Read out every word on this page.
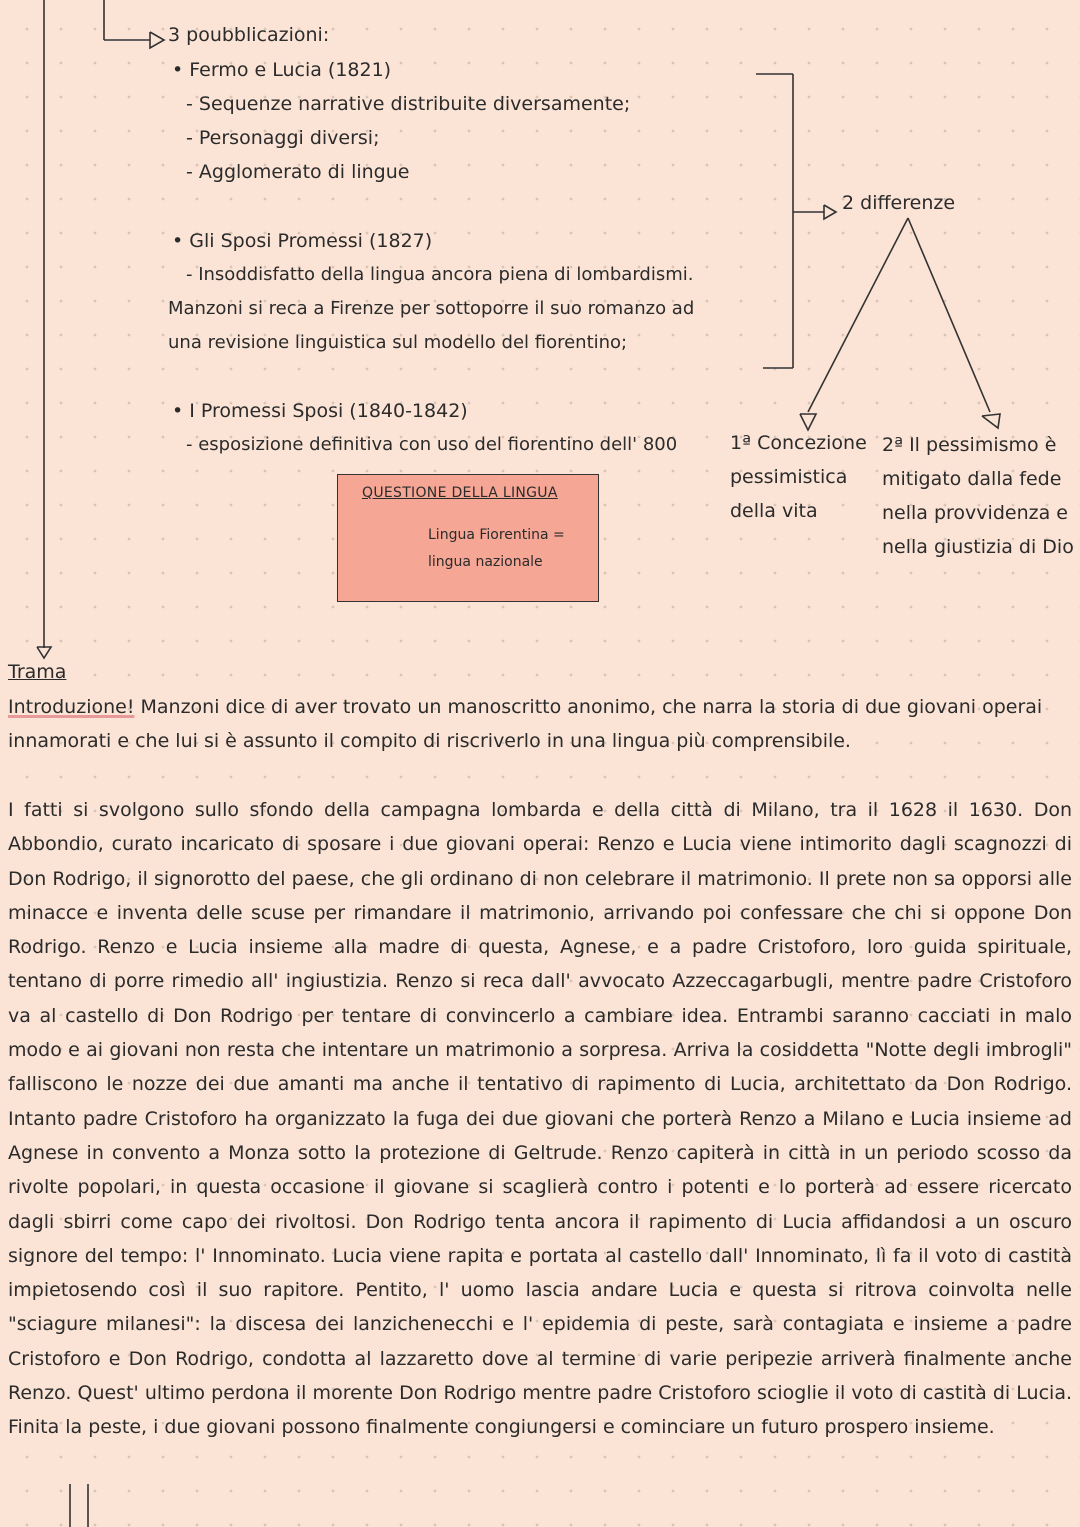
3 poubblicazioni:
• Fermo e Lucia (1821)
- Sequenze narrative distribuite diversamente;
- Personaggi diversi;
- Agglomerato di lingue
• Gli Sposi Promessi (1827)
- Insoddisfatto della lingua ancora piena di lombardismi.
Manzoni si reca a Firenze per sottoporre il suo romanzo ad
una revisione linguistica sul modello del fiorentino;
• I Promessi Sposi (1840-1842)
- esposizione definitiva con uso del fiorentino dell' 800
2 differenze
1ª Concezione
pessimistica
della vita
2ª Il pessimismo è
mitigato dalla fede
nella provvidenza e
nella giustizia di Dio
QUESTIONE DELLA LINGUA
Lingua Fiorentina =
lingua nazionale
Trama
Introduzione! Manzoni dice di aver trovato un manoscritto anonimo, che narra la storia di due giovani operai innamorati e che lui si è assunto il compito di riscriverlo in una lingua più comprensibile.

I fatti si svolgono sullo sfondo della campagna lombarda e della città di Milano, tra il 1628 il 1630. Don Abbondio, curato incaricato di sposare i due giovani operai: Renzo e Lucia viene intimorito dagli scagnozzi di Don Rodrigo, il signorotto del paese, che gli ordinano di non celebrare il matrimonio. Il prete non sa opporsi alle minacce e inventa delle scuse per rimandare il matrimonio, arrivando poi confessare che chi si oppone Don Rodrigo. Renzo e Lucia insieme alla madre di questa, Agnese, e a padre Cristoforo, loro guida spirituale, tentano di porre rimedio all' ingiustizia. Renzo si reca dall' avvocato Azzeccagarbugli, mentre padre Cristoforo va al castello di Don Rodrigo per tentare di convincerlo a cambiare idea. Entrambi saranno cacciati in malo modo e ai giovani non resta che intentare un matrimonio a sorpresa. Arriva la cosiddetta "Notte degli imbrogli" falliscono le nozze dei due amanti ma anche il tentativo di rapimento di Lucia, architettato da Don Rodrigo. Intanto padre Cristoforo ha organizzato la fuga dei due giovani che porterà Renzo a Milano e Lucia insieme ad Agnese in convento a Monza sotto la protezione di Geltrude. Renzo capiterà in città in un periodo scosso da rivolte popolari, in questa occasione il giovane si scaglierà contro i potenti e lo porterà ad essere ricercato dagli sbirri come capo dei rivoltosi. Don Rodrigo tenta ancora il rapimento di Lucia affidandosi a un oscuro signore del tempo: l' Innominato. Lucia viene rapita e portata al castello dall' Innominato, lì fa il voto di castità impietosendo così il suo rapitore. Pentito, l' uomo lascia andare Lucia e questa si ritrova coinvolta nelle "sciagure milanesi": la discesa dei lanzichenecchi e l' epidemia di peste, sarà contagiata e insieme a padre Cristoforo e Don Rodrigo, condotta al lazzaretto dove al termine di varie peripezie arriverà finalmente anche Renzo. Quest' ultimo perdona il morente Don Rodrigo mentre padre Cristoforo scioglie il voto di castità di Lucia. Finita la peste, i due giovani possono finalmente congiungersi e cominciare un futuro prospero insieme.
